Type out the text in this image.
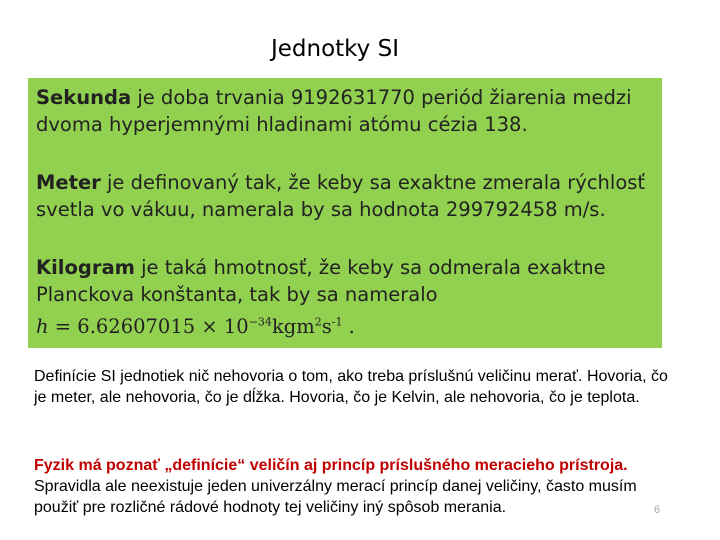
Jednotky SI
Sekunda je doba trvania 9192631770 periód žiarenia medzi
dvoma hyperjemnými hladinami atómu cézia 138.
Meter je definovaný tak, že keby sa exaktne zmerala rýchlosť
svetla vo vákuu, namerala by sa hodnota 299792458 m/s.
Kilogram je taká hmotnosť, že keby sa odmerala exaktne
Planckova konštanta, tak by sa nameralo
$h = 6.62607015 \times 10^{-34}kgm^2s^{-1}$ .
Definície SI jednotiek nič nehovoria o tom, ako treba príslušnú veličinu merať. Hovoria, čo je meter, ale nehovoria, čo je dĺžka. Hovoria, čo je Kelvin, ale nehovoria, čo je teplota.
Fyzik má poznať „definície“ veličín aj princíp príslušného meracieho prístroja. Spravidla ale neexistuje jeden univerzálny merací princíp danej veličiny, často musím použiť pre rozličné rádové hodnoty tej veličiny iný spôsob merania.	6
